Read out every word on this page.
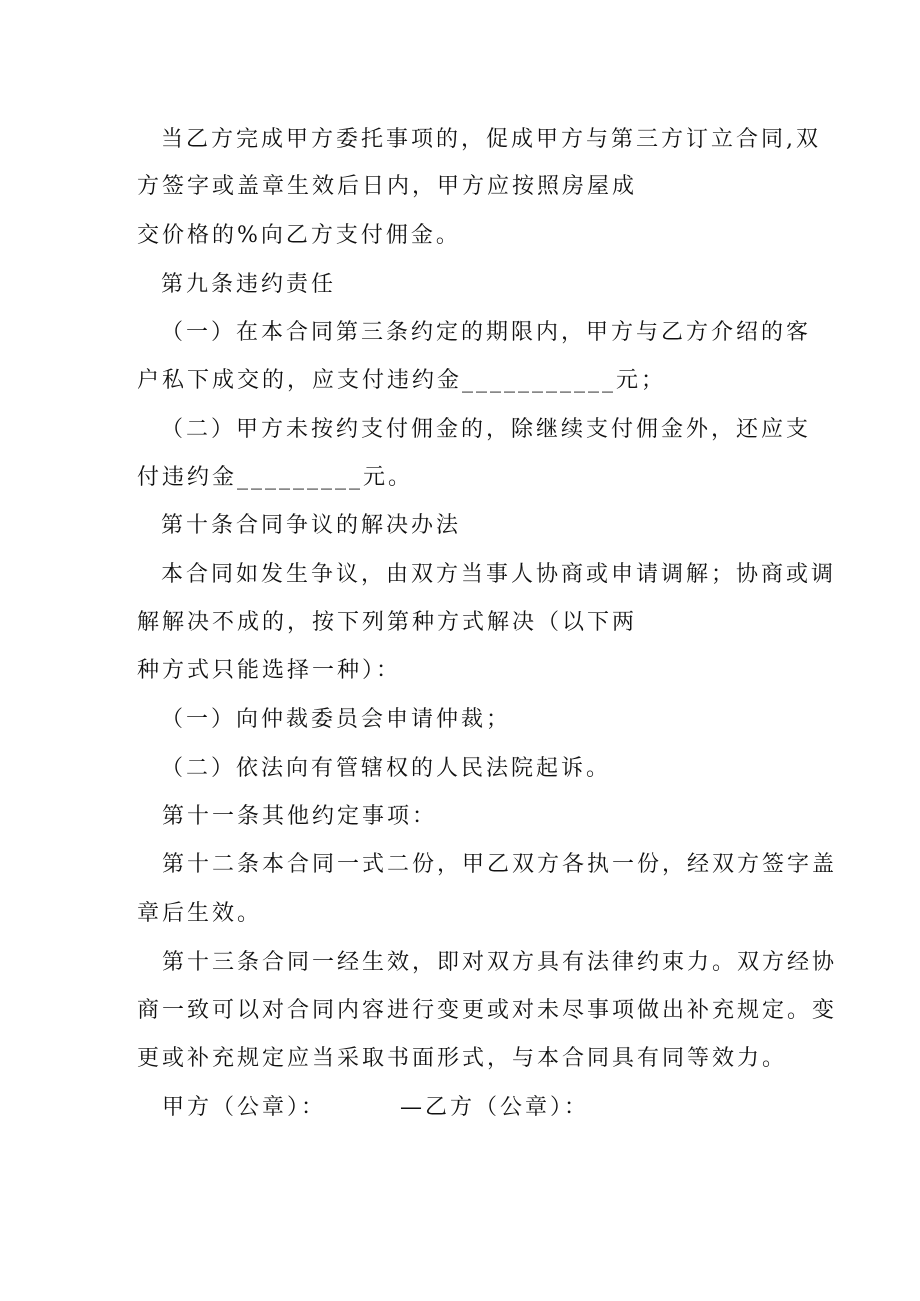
当乙方完成甲方委托事项的，促成甲方与第三方订立合同,双
方签字或盖章生效后日内，甲方应按照房屋成
交价格的%向乙方支付佣金。
第九条违约责任
（一）在本合同第三条约定的期限内，甲方与乙方介绍的客
户私下成交的，应支付违约金___________元；
（二）甲方未按约支付佣金的，除继续支付佣金外，还应支
付违约金_________元。
第十条合同争议的解决办法
本合同如发生争议，由双方当事人协商或申请调解；协商或调
解解决不成的，按下列第种方式解决（以下两
种方式只能选择一种）：
（一）向仲裁委员会申请仲裁；
（二）依法向有管辖权的人民法院起诉。
第十一条其他约定事项：
第十二条本合同一式二份，甲乙双方各执一份，经双方签字盖
章后生效。
第十三条合同一经生效，即对双方具有法律约束力。双方经协
商一致可以对合同内容进行变更或对未尽事项做出补充规定。变
更或补充规定应当采取书面形式，与本合同具有同等效力。
甲方（公章）：	—乙方（公章）：
